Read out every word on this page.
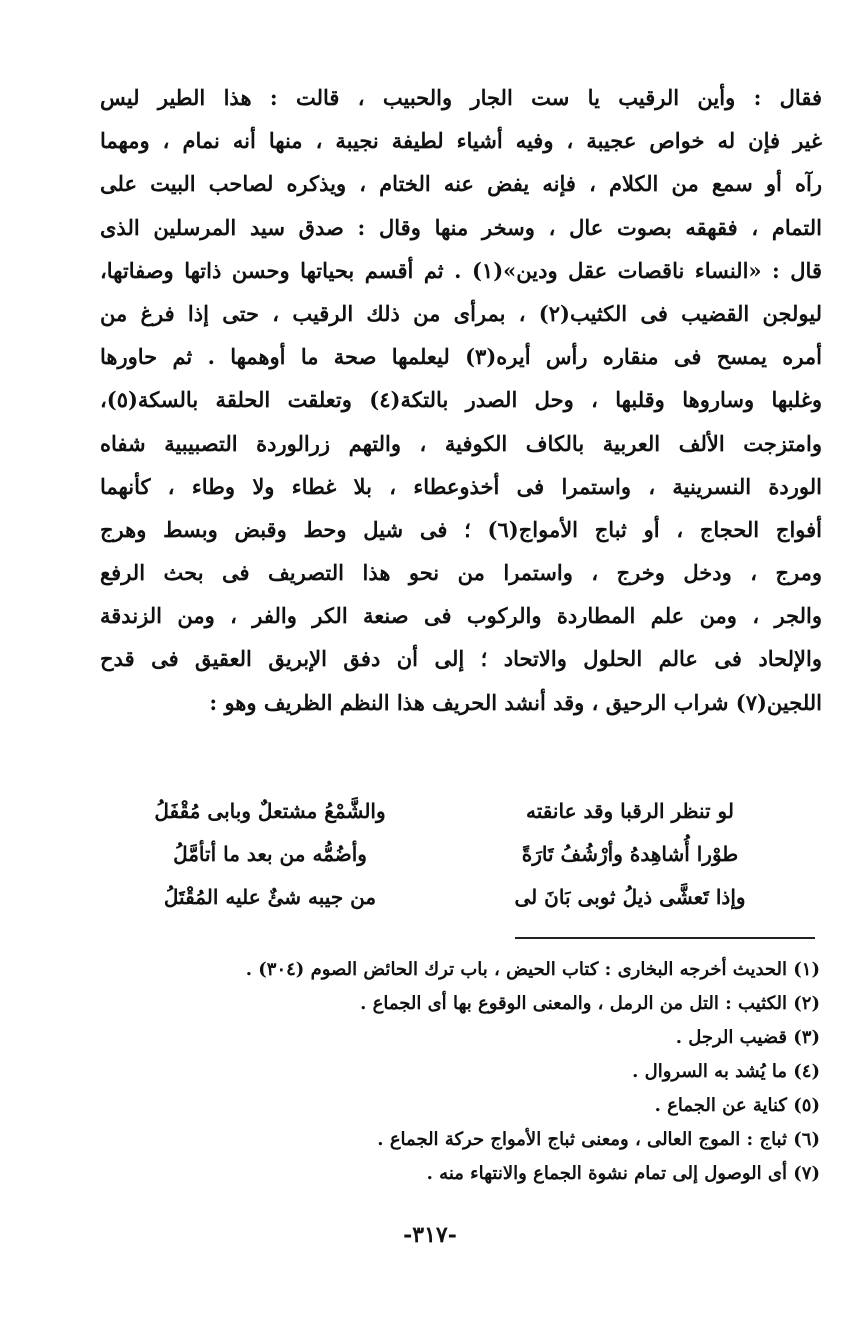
فقال : وأين الرقيب يا ست الجار والحبيب ، قالت : هذا الطير ليس
غير فإن له خواص عجيبة ، وفيه أشياء لطيفة نجيبة ، منها أنه نمام ، ومهما
رآه أو سمع من الكلام ، فإنه يفض عنه الختام ، ويذكره لصاحب البيت على
التمام ، فقهقه بصوت عال ، وسخر منها وقال : صدق سيد المرسلين الذى
قال : «النساء ناقصات عقل ودين»(١) . ثم أقسم بحياتها وحسن ذاتها وصفاتها،
ليولجن القضيب فى الكثيب(٢) ، بمرأى من ذلك الرقيب ، حتى إذا فرغ من
أمره يمسح فى منقاره رأس أيره(٣) ليعلمها صحة ما أوهمها . ثم حاورها
وغلبها وساروها وقلبها ، وحل الصدر بالتكة(٤) وتعلقت الحلقة بالسكة(٥)،
وامتزجت الألف العربية بالكاف الكوفية ، والتهم زرالوردة التصبيبية شفاه
الوردة النسرينية ، واستمرا فى أخذوعطاء ، بلا غطاء ولا وطاء ، كأنهما
أفواج الحجاج ، أو ثباج الأمواج(٦) ؛ فى شيل وحط وقبض وبسط وهرج
ومرج ، ودخل وخرج ، واستمرا من نحو هذا التصريف فى بحث الرفع
والجر ، ومن علم المطاردة والركوب فى صنعة الكر والفر ، ومن الزندقة
والإلحاد فى عالم الحلول والاتحاد ؛ إلى أن دفق الإبريق العقيق فى قدح
اللجين(٧) شراب الرحيق ، وقد أنشد الحريف هذا النظم الظريف وهو :
لو تنظر الرقبا وقد عانقته
والشَّمْعُ مشتعلٌ وبابى مُقْفَلُ
طوْرا أُشاهِدهُ وأرْشُفُ تَارَةً
وأضُمُّه من بعد ما أتأمَّلُ
وإذا تَعشَّى ذيلُ ثوبى بَانَ لى
من جيبه شئٌ عليه المُقْتَلُ
(١) الحديث أخرجه البخارى : كتاب الحيض ، باب ترك الحائض الصوم (٣٠٤) .
(٢) الكثيب : التل من الرمل ، والمعنى الوقوع بها أى الجماع .
(٣) قضيب الرجل .
(٤) ما يُشد به السروال .
(٥) كناية عن الجماع .
(٦) ثباج : الموج العالى ، ومعنى ثباج الأمواج حركة الجماع .
(٧) أى الوصول إلى تمام نشوة الجماع والانتهاء منه .
-٣١٧-
